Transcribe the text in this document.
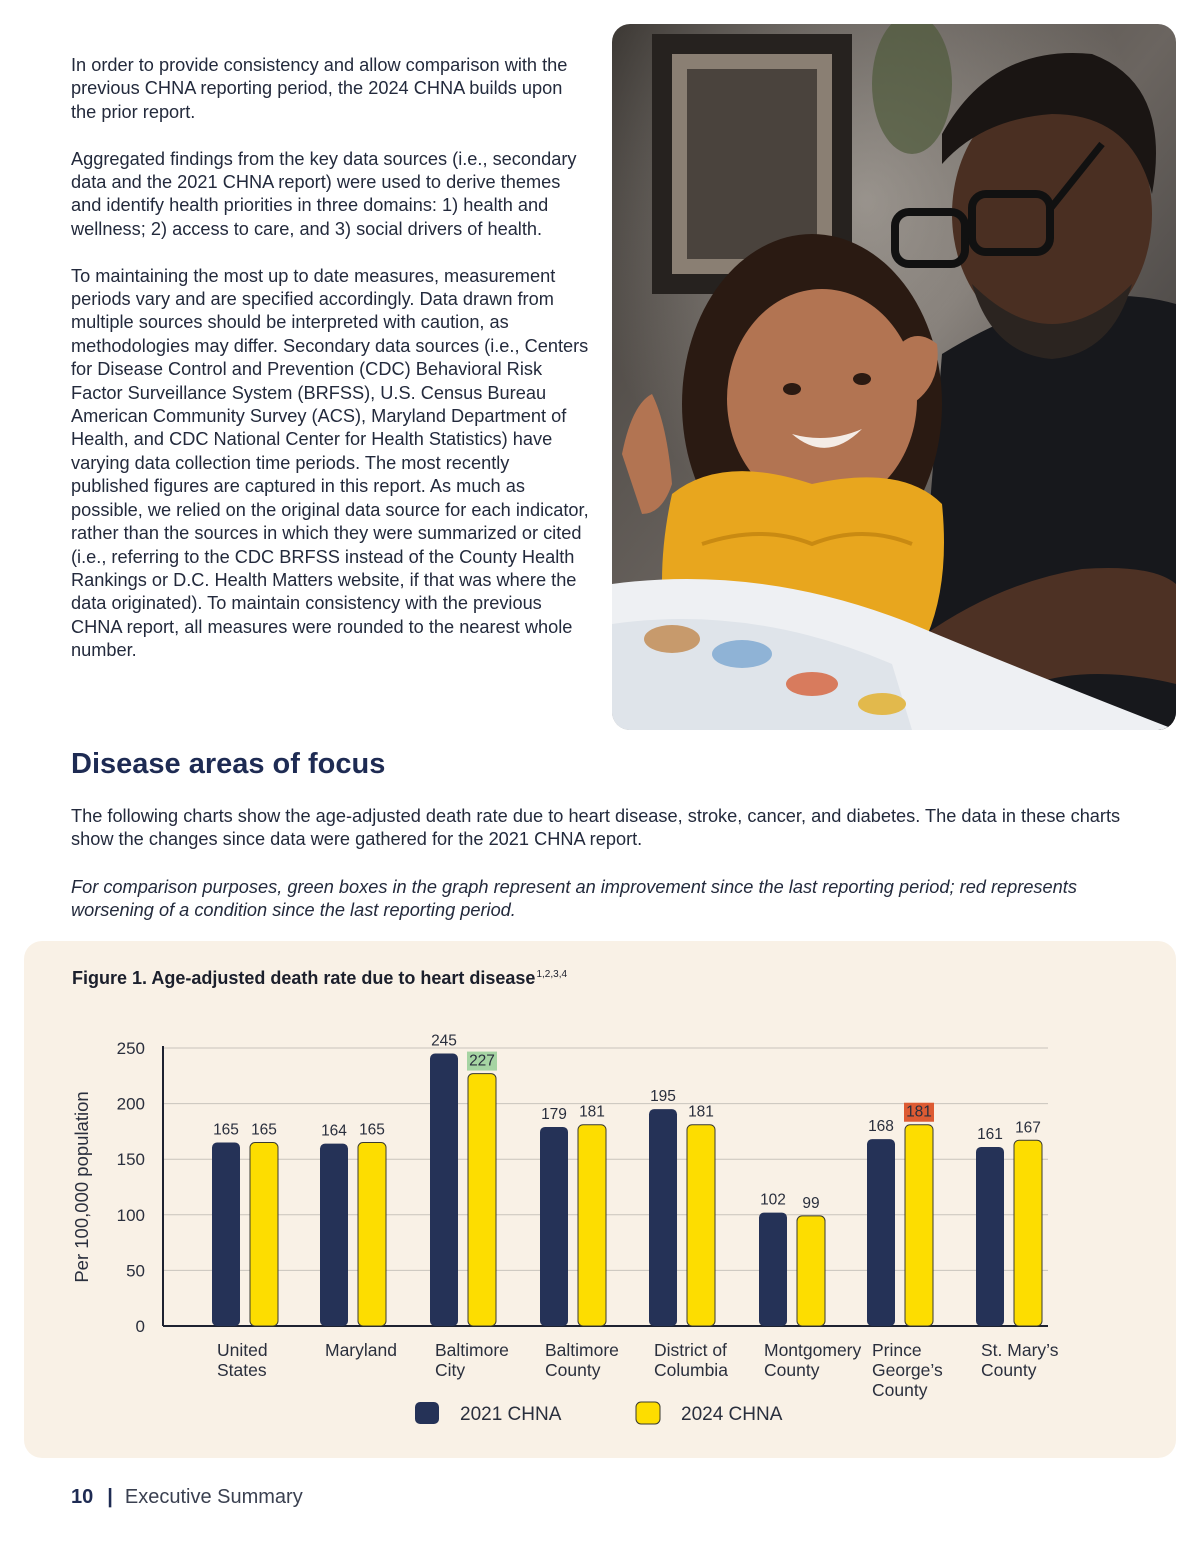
In order to provide consistency and allow comparison with the previous CHNA reporting period, the 2024 CHNA builds upon the prior report.

Aggregated findings from the key data sources (i.e., secondary data and the 2021 CHNA report) were used to derive themes and identify health priorities in three domains: 1) health and wellness; 2) access to care, and 3) social drivers of health.

To maintaining the most up to date measures, measurement periods vary and are specified accordingly. Data drawn from multiple sources should be interpreted with caution, as methodologies may differ. Secondary data sources (i.e., Centers for Disease Control and Prevention (CDC) Behavioral Risk Factor Surveillance System (BRFSS), U.S. Census Bureau American Community Survey (ACS), Maryland Department of Health, and CDC National Center for Health Statistics) have varying data collection time periods. The most recently published figures are captured in this report. As much as possible, we relied on the original data source for each indicator, rather than the sources in which they were summarized or cited (i.e., referring to the CDC BRFSS instead of the County Health Rankings or D.C. Health Matters website, if that was where the data originated). To maintain consistency with the previous CHNA report, all measures were rounded to the nearest whole number.

Disease areas of focus

The following charts show the age-adjusted death rate due to heart disease, stroke, cancer, and diabetes. The data in these charts show the changes since data were gathered for the 2021 CHNA report.

For comparison purposes, green boxes in the graph represent an improvement since the last reporting period; red represents worsening of a condition since the last reporting period.

Figure 1. Age-adjusted death rate due to heart disease$^{1,2,3,4}$
0
50
100
150
200
250
Per 100,000 population	165 165
United
States
164 165
Maryland
245
227
Baltimore
City
179 181
Baltimore
County
195
181
District of
Columbia
102 99
Montgomery
County
168
181
Prince
George’s
County
161 167
St. Mary’s
County
2021 CHNA	2024 CHNA
10 | Executive Summary
